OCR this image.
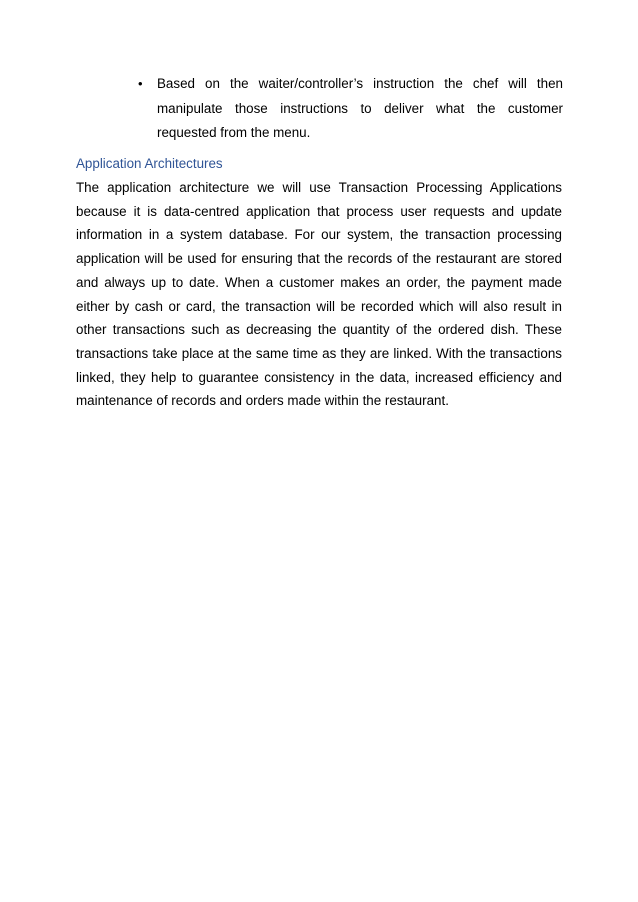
• Based on the waiter/controller’s instruction the chef will then manipulate those instructions to deliver what the customer requested from the menu.
Application Architectures

The application architecture we will use Transaction Processing Applications because it is data-centred application that process user requests and update information in a system database. For our system, the transaction processing application will be used for ensuring that the records of the restaurant are stored and always up to date. When a customer makes an order, the payment made either by cash or card, the transaction will be recorded which will also result in other transactions such as decreasing the quantity of the ordered dish. These transactions take place at the same time as they are linked. With the transactions linked, they help to guarantee consistency in the data, increased efficiency and maintenance of records and orders made within the restaurant.
